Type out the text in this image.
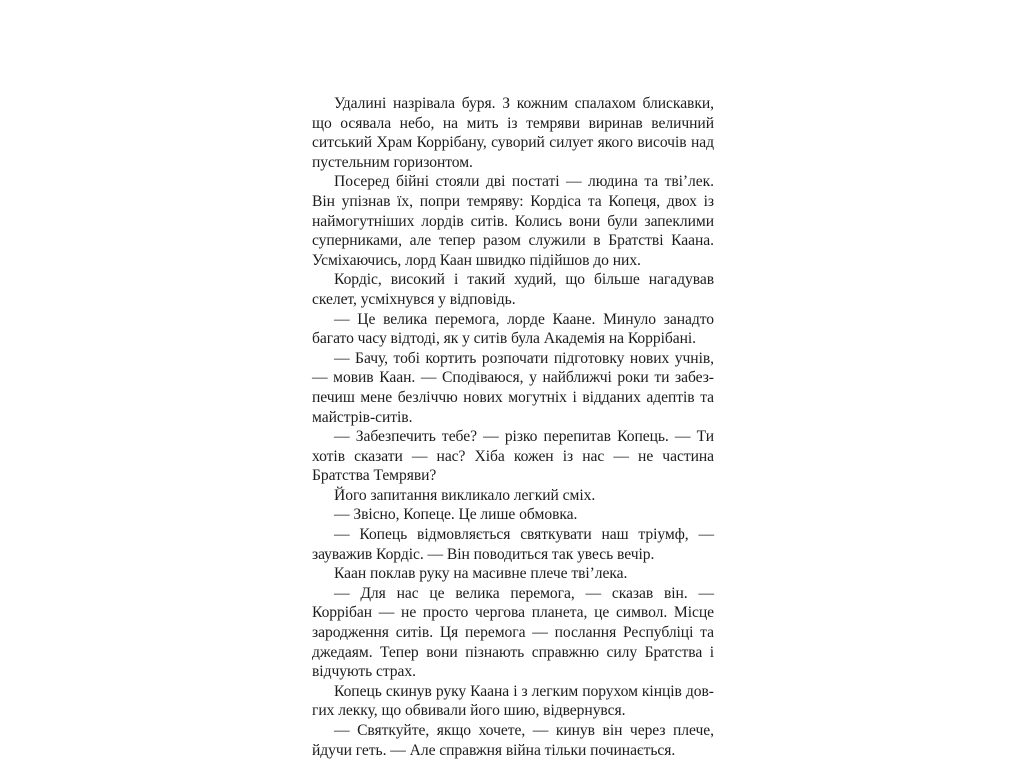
Удалині назрівала буря. З кожним спалахом блискавки, що осявала небо, на мить із темряви виринав величний ситський Храм Коррібану, суворий силует якого височів над пустельним горизонтом.

Посеред бійні стояли дві постаті — людина та тві’лек. Він упізнав їх, попри темряву: Кордіса та Копеця, двох із наймогутніших лордів ситів. Колись вони були запеклими суперниками, але тепер разом служили в Братстві Каана. Усміхаючись, лорд Каан швидко підійшов до них.

Кордіс, високий і такий худий, що більше нагадував скелет, усміхнувся у відповідь.

— Це велика перемога, лорде Каане. Минуло занадто багато часу відтоді, як у ситів була Академія на Коррібані.

— Бачу, тобі кортить розпочати підготовку нових учнів, — мовив Каан. — Сподіваюся, у найближчі роки ти забезпечиш мене безліччю нових могутніх і відданих адептів та майстрів-ситів.

— Забезпечить тебе? — різко перепитав Копець. — Ти хотів сказати — нас? Хіба кожен із нас — не частина Братства Темряви?

Його запитання викликало легкий сміх.

— Звісно, Копеце. Це лише обмовка.

— Копець відмовляється святкувати наш тріумф, — зауважив Кордіс. — Він поводиться так увесь вечір.

Каан поклав руку на масивне плече тві’лека.

— Для нас це велика перемога, — сказав він. — Коррібан — не просто чергова планета, це символ. Місце зародження ситів. Ця перемога — послання Республіці та джедаям. Тепер вони пізнають справжню силу Братства і відчують страх.

Копець скинув руку Каана і з легким порухом кінців довгих лекку, що обвивали його шию, відвернувся.

— Святкуйте, якщо хочете, — кинув він через плече, йдучи геть. — Але справжня війна тільки починається.
